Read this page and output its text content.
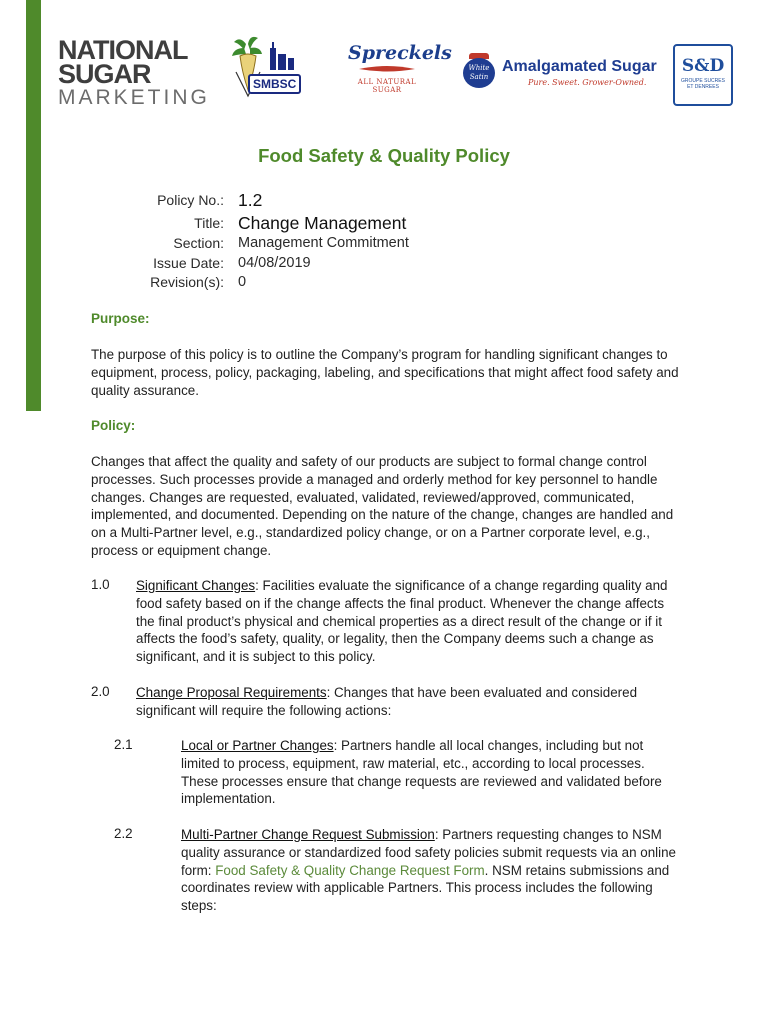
NATIONAL
SUGAR
MARKETING
SMBSC
Spreckels
ALL NATURAL SUGAR
White Satin
Amalgamated Sugar
Pure. Sweet. Grower-Owned.
S&D
GROUPE SUCRES ET DENREES
Food Safety & Quality Policy
Policy No.: 1.2
Title: Change Management
Section: Management Commitment
Issue Date: 04/08/2019
Revision(s): 0
Purpose:
The purpose of this policy is to outline the Company’s program for handling significant changes to equipment, process, policy, packaging, labeling, and specifications that might affect food safety and quality assurance.
Policy:
Changes that affect the quality and safety of our products are subject to formal change control processes. Such processes provide a managed and orderly method for key personnel to handle changes. Changes are requested, evaluated, validated, reviewed/approved, communicated, implemented, and documented. Depending on the nature of the change, changes are handled and on a Multi-Partner level, e.g., standardized policy change, or on a Partner corporate level, e.g., process or equipment change.
1.0 Significant Changes: Facilities evaluate the significance of a change regarding quality and food safety based on if the change affects the final product. Whenever the change affects the final product’s physical and chemical properties as a direct result of the change or if it affects the food’s safety, quality, or legality, then the Company deems such a change as significant, and it is subject to this policy.
2.0 Change Proposal Requirements: Changes that have been evaluated and considered significant will require the following actions:
2.1	Local or Partner Changes: Partners handle all local changes, including but not limited to process, equipment, raw material, etc., according to local processes. These processes ensure that change requests are reviewed and validated before implementation.
2.2	Multi-Partner Change Request Submission: Partners requesting changes to NSM quality assurance or standardized food safety policies submit requests via an online form: Food Safety & Quality Change Request Form. NSM retains submissions and coordinates review with applicable Partners. This process includes the following steps:
